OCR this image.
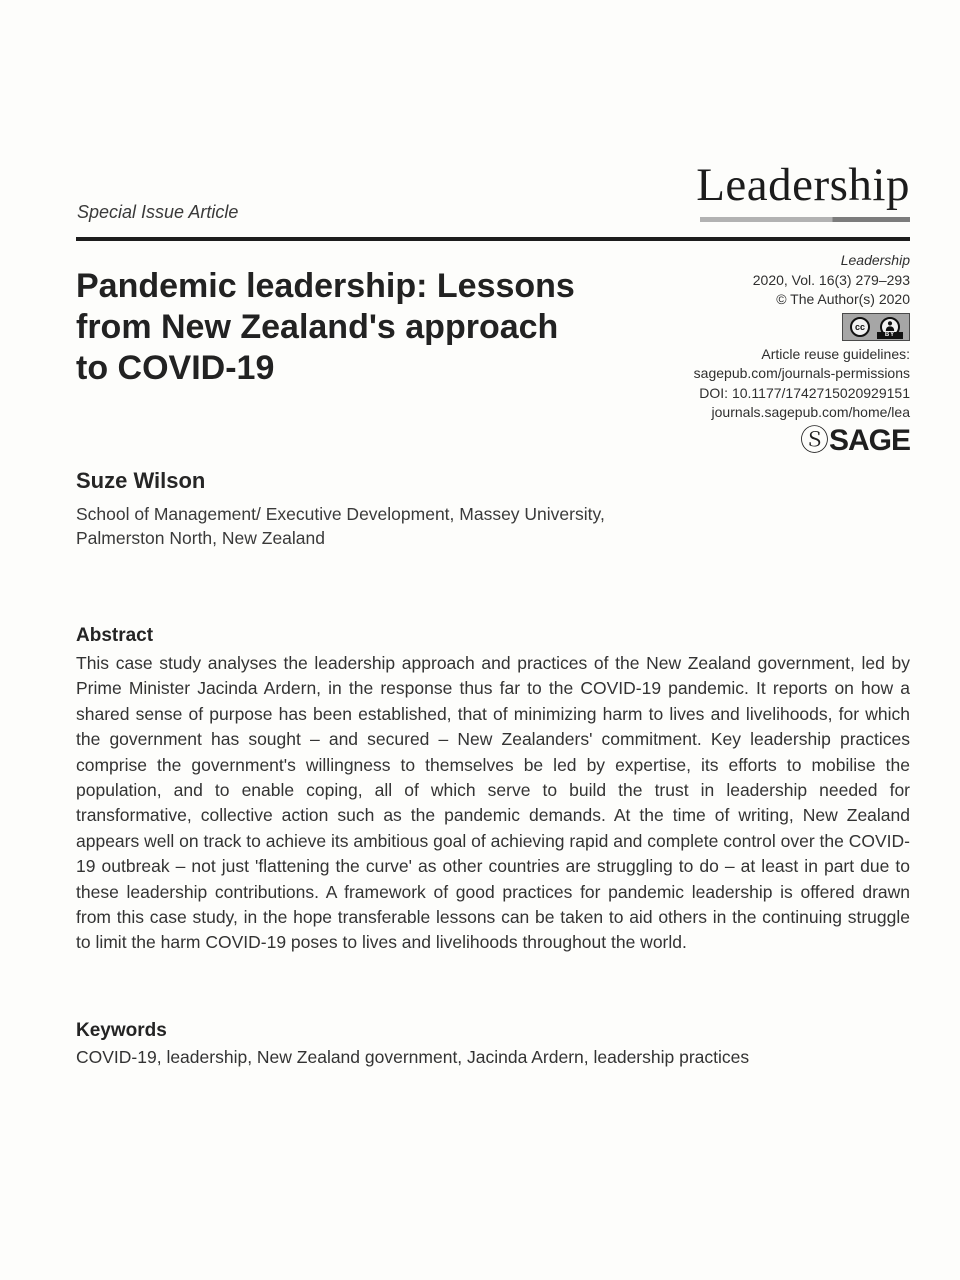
Special Issue Article
Leadership
Leadership
2020, Vol. 16(3) 279–293
© The Author(s) 2020
cc
BY
Article reuse guidelines:
sagepub.com/journals-permissions
DOI: 10.1177/1742715020929151
journals.sagepub.com/home/lea
ⓈSAGE
Pandemic leadership: Lessons
from New Zealand's approach
to COVID-19
Suze Wilson
School of Management/ Executive Development, Massey University, Palmerston North, New Zealand
Abstract
This case study analyses the leadership approach and practices of the New Zealand government, led by Prime Minister Jacinda Ardern, in the response thus far to the COVID-19 pandemic. It reports on how a shared sense of purpose has been established, that of minimizing harm to lives and livelihoods, for which the government has sought – and secured – New Zealanders' commitment. Key leadership practices comprise the government's willingness to themselves be led by expertise, its efforts to mobilise the population, and to enable coping, all of which serve to build the trust in leadership needed for transformative, collective action such as the pandemic demands. At the time of writing, New Zealand appears well on track to achieve its ambitious goal of achieving rapid and complete control over the COVID-19 outbreak – not just 'flattening the curve' as other countries are struggling to do – at least in part due to these leadership contributions. A framework of good practices for pandemic leadership is offered drawn from this case study, in the hope transferable lessons can be taken to aid others in the continuing struggle to limit the harm COVID-19 poses to lives and livelihoods throughout the world.
Keywords
COVID-19, leadership, New Zealand government, Jacinda Ardern, leadership practices
